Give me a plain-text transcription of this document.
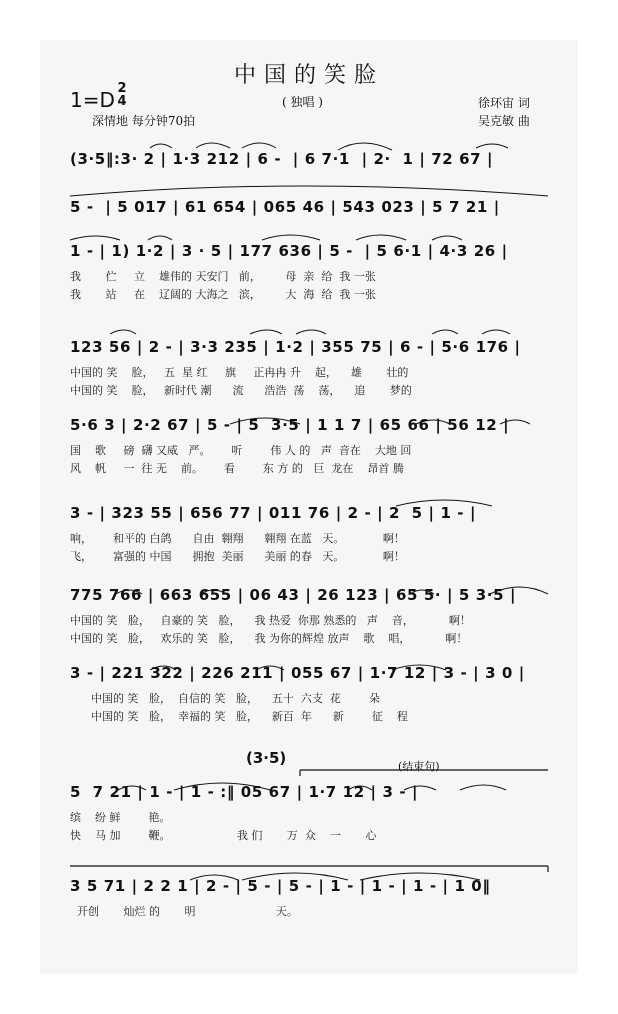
中国的笑脸
1=D 2
4	( 独唱 )	徐环宙 词
吴克敏 曲
深情地 每分钟70拍
(3·5)	(结束句)
(3·5‖:3· 2 | 1·3 212 | 6 -  | 6 7·1  | 2·  1 | 72 67 |
5 -  | 5 017 | 61 654 | 065 46 | 543 023 | 5 7 21 |
1 - | 1) 1·2 | 3 · 5 | 177 636 | 5 -  | 5 6·1 | 4·3 26 |
我       伫     立    雄伟的 天安门   前，       母  亲  给  我 一张
我       站     在    辽阔的 大海之   滨，       大  海  给  我 一张
123 56 | 2 - | 3·3 235 | 1·2 | 355 75 | 6 - | 5·6 176 |
中国的 笑    脸，   五  星 红     旗     正冉冉 升    起，    雄       壮的
中国的 笑    脸，   新时代 潮      流      浩浩  荡    荡，    追       梦的
5·6 3 | 2·2 67 | 5 - | 5  3·5 | 1 1 7 | 65 66 | 56 12 |
国    歌     磅  礴 又威   严。      听        伟 人 的   声  音在    大地 回
风    帆     一  往 无    前。      看        东 方 的   巨  龙在    昂首 腾
3 - | 323 55 | 656 77 | 011 76 | 2 - | 2  5 | 1 - |
响，      和平的 白鸽      自由  翱翔      翱翔 在蓝   天。           啊！
飞，      富强的 中国      拥抱  美丽      美丽 的春   天。           啊！
775 766 | 663 655 | 06 43 | 26 123 | 65 5· | 5 3·5 |
中国的 笑   脸，   自豪的 笑   脸，    我 热爱  你那 熟悉的   声    音，          啊！
中国的 笑   脸，   欢乐的 笑   脸，    我 为你的辉煌 放声    歌    唱，          啊！
3 - | 221 322 | 226 211 | 055 67 | 1·7 12 | 3 - | 3 0 |
中国的 笑   脸，  自信的 笑   脸，    五十  六支  花        朵
中国的 笑   脸，  幸福的 笑   脸，    新百  年      新        征    程
5  7 21 | 1 - | 1 - :‖ 05 67 | 1·7 12 | 3 - |
缤    纷 鲜        艳。
快    马 加        鞭。                   我 们       万  众    一       心
3 5 71 | 2 2 1 | 2 - | 5 - | 5 - | 1 - | 1 - | 1 - | 1 0‖
开创       灿烂 的       明                       天。
